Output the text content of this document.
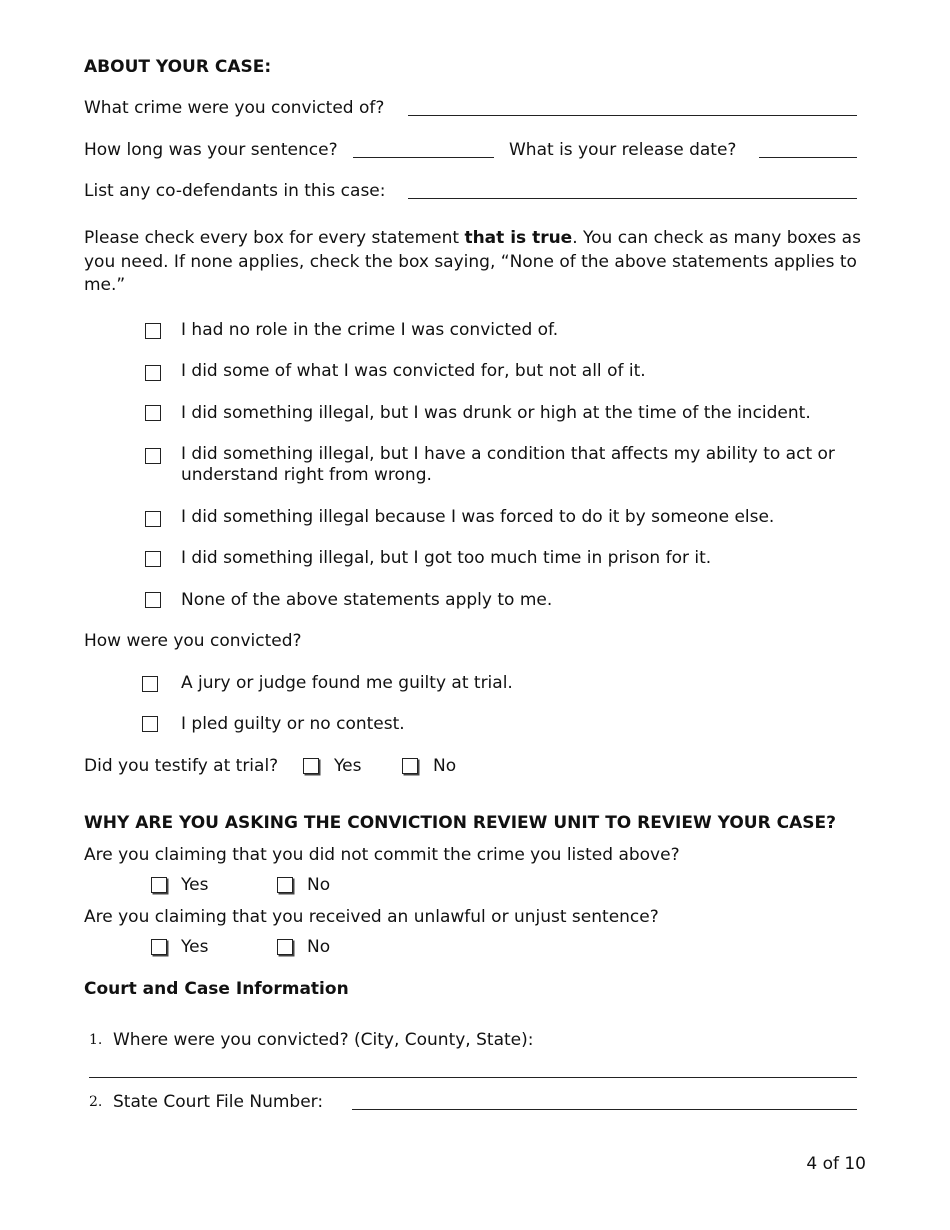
ABOUT YOUR CASE:
What crime were you convicted of?
How long was your sentence?	What is your release date?
List any co-defendants in this case:
Please check every box for every statement that is true. You can check as many boxes as you need. If none applies, check the box saying, “None of the above statements applies to me.”
I had no role in the crime I was convicted of.
I did some of what I was convicted for, but not all of it.
I did something illegal, but I was drunk or high at the time of the incident.
I did something illegal, but I have a condition that affects my ability to act or understand right from wrong.
I did something illegal because I was forced to do it by someone else.
I did something illegal, but I got too much time in prison for it.
None of the above statements apply to me.
How were you convicted?
A jury or judge found me guilty at trial.
I pled guilty or no contest.
Did you testify at trial?	Yes	No
WHY ARE YOU ASKING THE CONVICTION REVIEW UNIT TO REVIEW YOUR CASE?
Are you claiming that you did not commit the crime you listed above?
Yes	No
Are you claiming that you received an unlawful or unjust sentence?
Yes	No
Court and Case Information
1. Where were you convicted? (City, County, State):
2. State Court File Number:
4 of 10
